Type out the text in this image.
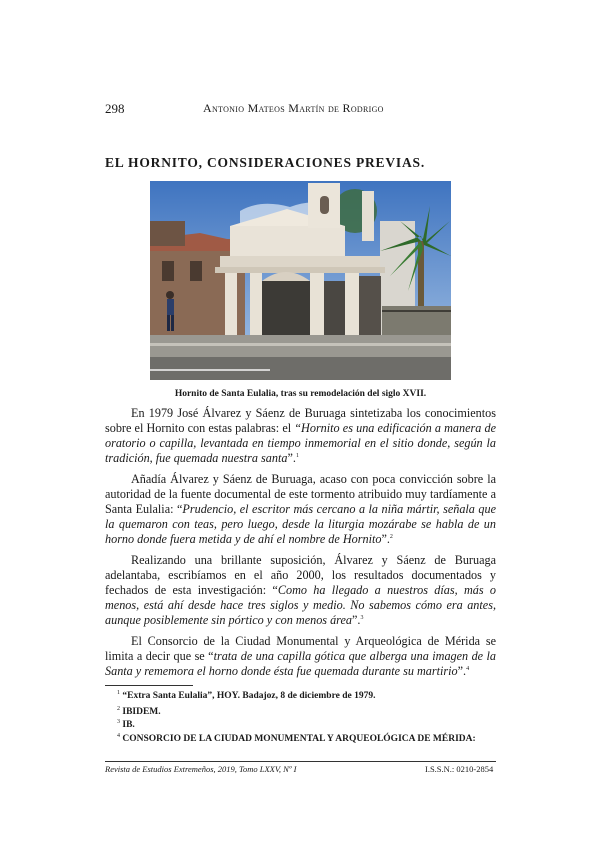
298	Antonio Mateos Martín de Rodrigo
EL HORNITO, CONSIDERACIONES PREVIAS.
Hornito de Santa Eulalia, tras su remodelación del siglo XVII.

En 1979 José Álvarez y Sáenz de Buruaga sintetizaba los conocimientos sobre el Hornito con estas palabras: el “Hornito es una edificación a manera de oratorio o capilla, levantada en tiempo inmemorial en el sitio donde, según la tradición, fue quemada nuestra santa”.$^1$

Añadía Álvarez y Sáenz de Buruaga, acaso con poca convicción sobre la autoridad de la fuente documental de este tormento atribuido muy tardíamente a Santa Eulalia: “Prudencio, el escritor más cercano a la niña mártir, señala que la quemaron con teas, pero luego, desde la liturgia mozárabe se habla de un horno donde fuera metida y de ahí el nombre de Hornito”.$^2$

Realizando una brillante suposición, Álvarez y Sáenz de Buruaga adelantaba, escribíamos en el año 2000, los resultados documentados y fechados de esta investigación: “Como ha llegado a nuestros días, más o menos, está ahí desde hace tres siglos y medio. No sabemos cómo era antes, aunque posiblemente sin pórtico y con menos área”.$^3$

El Consorcio de la Ciudad Monumental y Arqueológica de Mérida se limita a decir que se “trata de una capilla gótica que alberga una imagen de la Santa y rememora el horno donde ésta fue quemada durante su martirio”.$^4$

$^1$ “Extra Santa Eulalia”, HOY. Badajoz, 8 de diciembre de 1979.
$^2$ IBIDEM.
$^3$ IB.
$^4$ CONSORCIO DE LA CIUDAD MONUMENTAL Y ARQUEOLÓGICA DE MÉRIDA:
Revista de Estudios Extremeños, 2019, Tomo LXXV, Nº I	I.S.S.N.: 0210-2854
